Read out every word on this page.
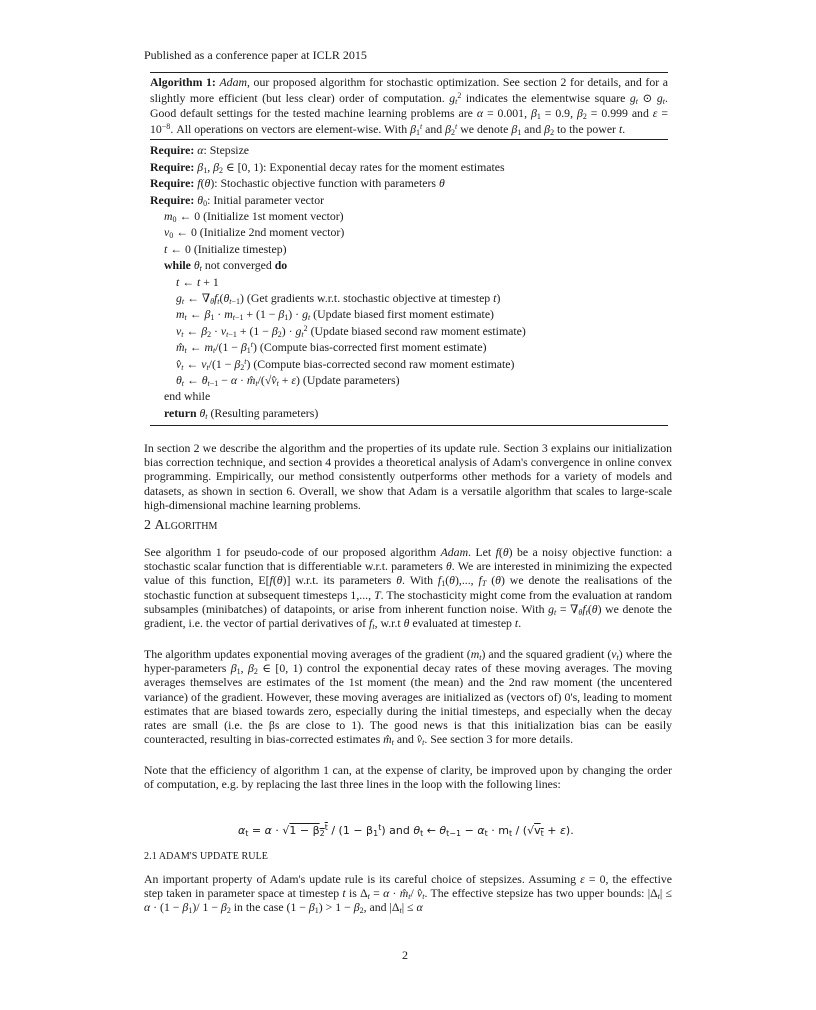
Published as a conference paper at ICLR 2015
Algorithm 1: Adam, our proposed algorithm for stochastic optimization. See section 2 for details, and for a slightly more efficient (but less clear) order of computation. $g_t^2$ indicates the elementwise square $g_t$ ⊙ $g_t$. Good default settings for the tested machine learning problems are α = 0.001, $\beta_1 = 0.9$, $\beta_2 = 0.999$ and $\varepsilon = 10^{-8}$. All operations on vectors are element-wise. With $\beta_1^t$ and $\beta_2^t$ we denote $\beta_1$ and $\beta_2$ to the power t.
Require: α: Stepsize
Require: $\beta_1$, $\beta_2$ ∈ [0, 1): Exponential decay rates for the moment estimates
Require: f(θ): Stochastic objective function with parameters θ
Require: $\theta_0$: Initial parameter vector
$m_0$ ← 0 (Initialize 1st moment vector)
$v_0$ ← 0 (Initialize 2nd moment vector)
t ← 0 (Initialize timestep)
while $\theta_t$ not converged do
t ← t + 1
$g_t$ ← $\nabla_\theta f_t(\theta_{t-1})$ (Get gradients w.r.t. stochastic objective at timestep t)
$m_t$ ← $\beta_1 \cdot m_{t-1} + (1 - \beta_1) \cdot g_t$ (Update biased first moment estimate)
$v_t$ ← $\beta_2 \cdot v_{t-1} + (1 - \beta_2) \cdot g_t^2$ (Update biased second raw moment estimate)
$m̂_t$ ← $m_t/(1 - \beta_1^t)$ (Compute bias-corrected first moment estimate)
$v̂_t$ ← $v_t/(1 - \beta_2^t)$ (Compute bias-corrected second raw moment estimate)
$\theta_t$ ← $\theta_{t-1} - \alpha$ · $m̂_t/(√v̂_t + \varepsilon)$ (Update parameters)
end while
return $\theta_t$ (Resulting parameters)
In section 2 we describe the algorithm and the properties of its update rule. Section 3 explains our initialization bias correction technique, and section 4 provides a theoretical analysis of Adam's convergence in online convex programming. Empirically, our method consistently outperforms other methods for a variety of models and datasets, as shown in section 6. Overall, we show that Adam is a versatile algorithm that scales to large-scale high-dimensional machine learning problems.
2 Algorithm
See algorithm 1 for pseudo-code of our proposed algorithm Adam. Let f(θ) be a noisy objective function: a stochastic scalar function that is differentiable w.r.t. parameters θ. We are interested in minimizing the expected value of this function, E[f(θ)] w.r.t. its parameters θ. With $f_1(\theta)$,..., $f_T$ (θ) we denote the realisations of the stochastic function at subsequent timesteps 1,..., T. The stochasticity might come from the evaluation at random subsamples (minibatches) of datapoints, or arise from inherent function noise. With $g_t = \nabla_\theta f_t(\theta)$ we denote the gradient, i.e. the vector of partial derivatives of $f_t$, w.r.t θ evaluated at timestep t.
The algorithm updates exponential moving averages of the gradient $(m_t)$ and the squared gradient $(v_t)$ where the hyper-parameters $\beta_1$, $\beta_2$ ∈ [0, 1) control the exponential decay rates of these moving averages. The moving averages themselves are estimates of the 1st moment (the mean) and the 2nd raw moment (the uncentered variance) of the gradient. However, these moving averages are initialized as (vectors of) 0's, leading to moment estimates that are biased towards zero, especially during the initial timesteps, and especially when the decay rates are small (i.e. the βs are close to 1). The good news is that this initialization bias can be easily counteracted, resulting in bias-corrected estimates $m̂_t$ and $v̂_t$. See section 3 for more details.
Note that the efficiency of algorithm 1 can, at the expense of clarity, be improved upon by changing the order of computation, e.g. by replacing the last three lines in the loop with the following lines:
$\alpha_t = \alpha \cdot √1 - \beta_2^t / (1 - \beta_1^t)$ and $\theta_t$ ← $\theta_{t-1} - \alpha_t \cdot m_t / (√v_t + \varepsilon)$.
2.1 ADAM'S UPDATE RULE
An important property of Adam's update rule is its careful choice of stepsizes. Assuming ε = 0, the effective step taken in parameter space at timestep t is $\Delta_t = \alpha$ · $m̂_t/$ $v̂_t$. The effective stepsize has two upper bounds: $|\Delta_t| \le \alpha \cdot (1 - \beta_1)/$ $1 - \beta_2$ in the case $(1 - \beta_1) > 1 - \beta_2$, and $|\Delta_t| \le \alpha$
2
